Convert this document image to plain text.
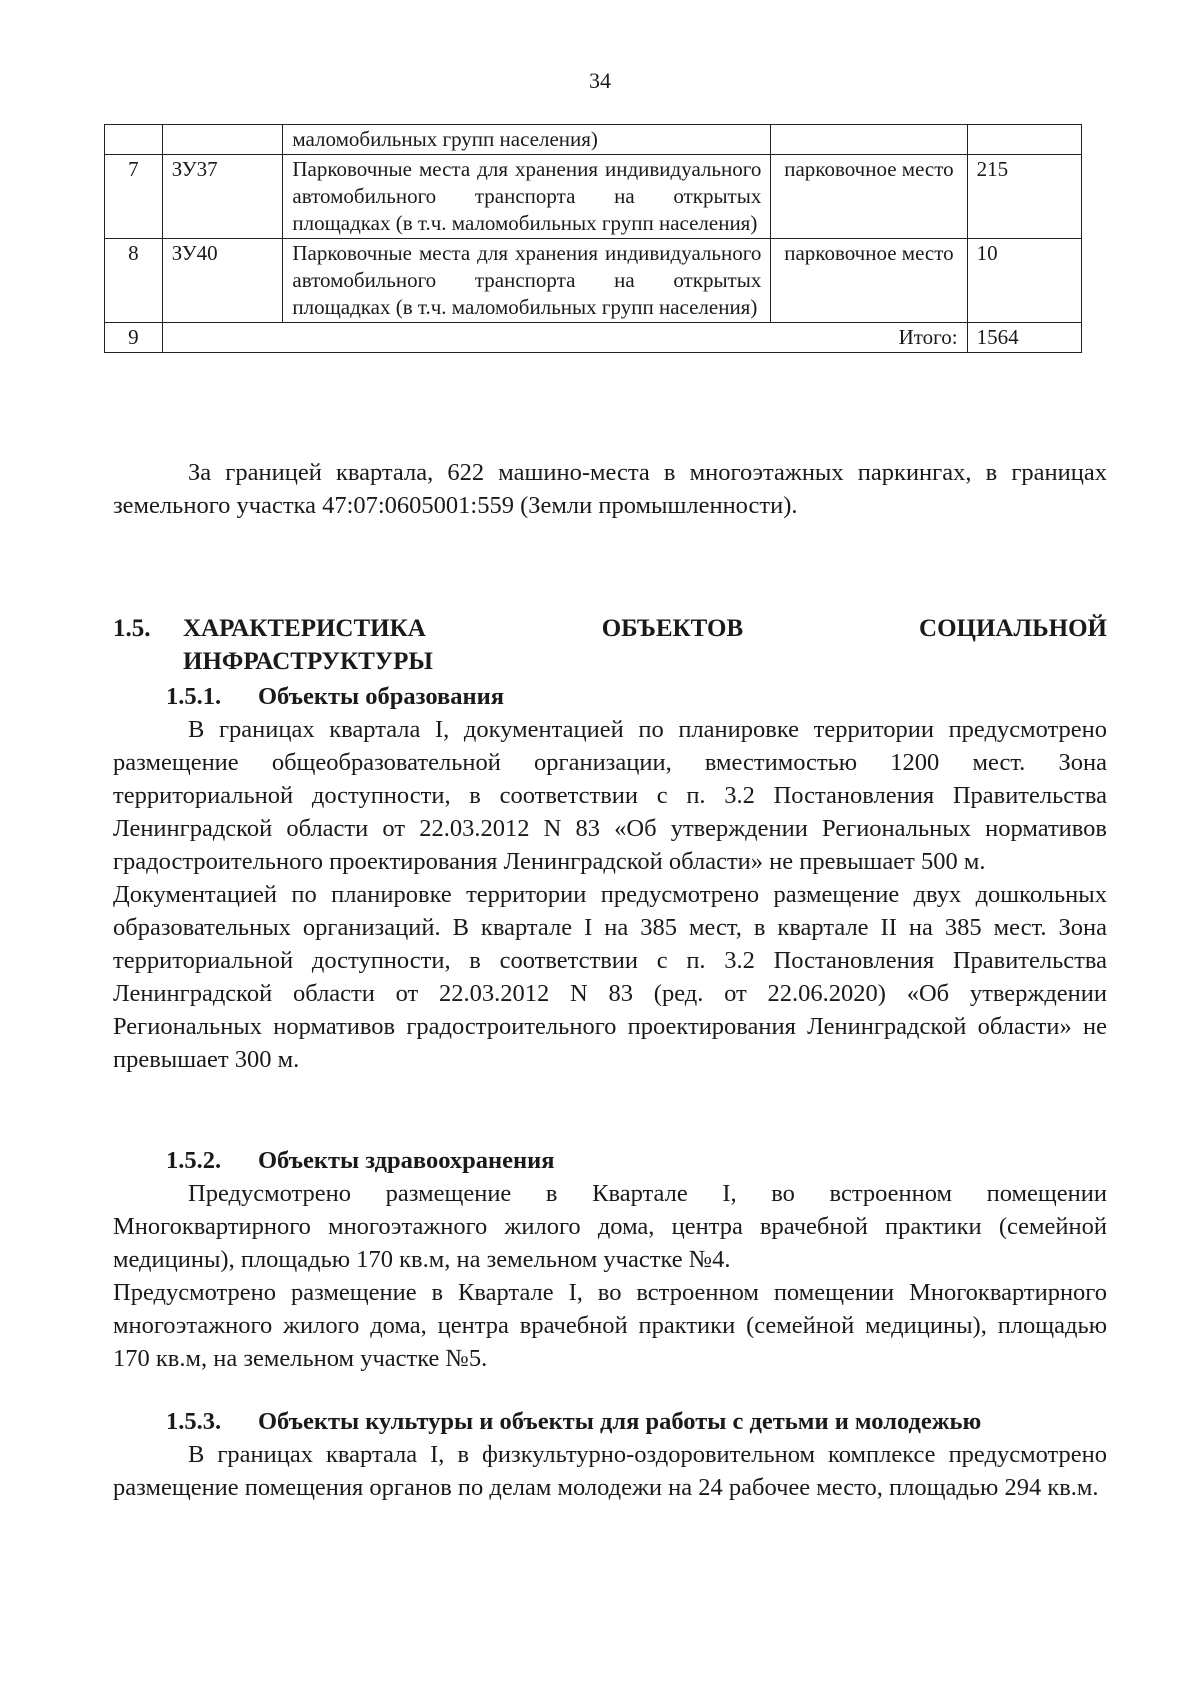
34
		маломобильных групп населения)		
7	ЗУ37	Парковочные места для хранения индивидуального автомобильного транспорта на открытых площадках (в т.ч. маломобильных групп населения)	парковочное место	215
8	ЗУ40	Парковочные места для хранения индивидуального автомобильного транспорта на открытых площадках (в т.ч. маломобильных групп населения)	парковочное место	10
9	Итого:			1564

За границей квартала, 622 машино-места в многоэтажных паркингах, в границах земельного участка 47:07:0605001:559 (Земли промышленности).

1.5.	ХАРАКТЕРИСТИКА	ОБЪЕКТОВ	СОЦИАЛЬНОЙ
ИНФРАСТРУКТУРЫ
1.5.1. Объекты образования

В границах квартала I, документацией по планировке территории предусмотрено размещение общеобразовательной организации, вместимостью 1200 мест. Зона территориальной доступности, в соответствии с п. 3.2 Постановления Правительства Ленинградской области от 22.03.2012 N 83 «Об утверждении Региональных нормативов градостроительного проектирования Ленинградской области» не превышает 500 м.

Документацией по планировке территории предусмотрено размещение двух дошкольных образовательных организаций. В квартале I на 385 мест, в квартале II на 385 мест. Зона территориальной доступности, в соответствии с п. 3.2 Постановления Правительства Ленинградской области от 22.03.2012 N 83 (ред. от 22.06.2020) «Об утверждении Региональных нормативов градостроительного проектирования Ленинградской области» не превышает 300 м.

1.5.2. Объекты здравоохранения

Предусмотрено размещение в Квартале I, во встроенном помещении Многоквартирного многоэтажного жилого дома, центра врачебной практики (семейной медицины), площадью 170 кв.м, на земельном участке №4.

Предусмотрено размещение в Квартале I, во встроенном помещении Многоквартирного многоэтажного жилого дома, центра врачебной практики (семейной медицины), площадью 170 кв.м, на земельном участке №5.

1.5.3. Объекты культуры и объекты для работы с детьми и молодежью

В границах квартала I, в физкультурно-оздоровительном комплексе предусмотрено размещение помещения органов по делам молодежи на 24 рабочее место, площадью 294 кв.м.
